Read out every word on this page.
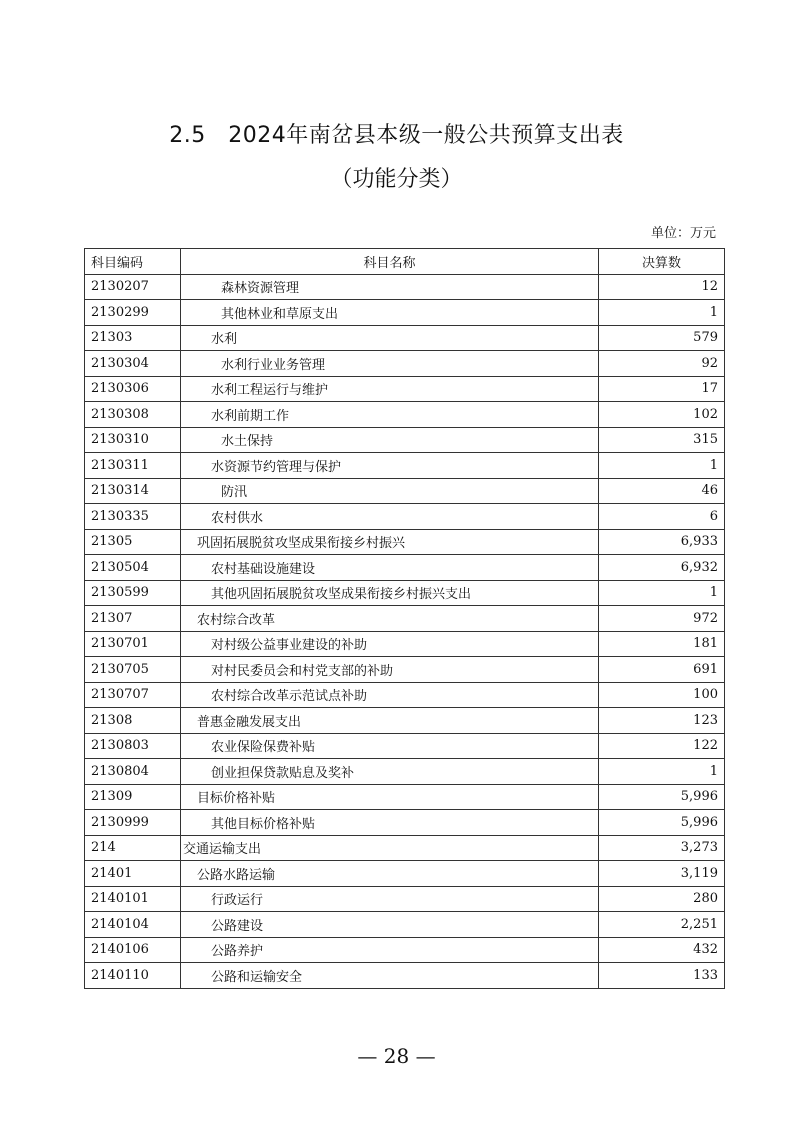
2.5　2024年南岔县本级一般公共预算支出表
（功能分类）
单位：万元
科目编码	科目名称	决算数
2130207	森林资源管理	12
2130299	其他林业和草原支出	1
21303	水利	579
2130304	水利行业业务管理	92
2130306	水利工程运行与维护	17
2130308	水利前期工作	102
2130310	水土保持	315
2130311	水资源节约管理与保护	1
2130314	防汛	46
2130335	农村供水	6
21305	巩固拓展脱贫攻坚成果衔接乡村振兴	6,933
2130504	农村基础设施建设	6,932
2130599	其他巩固拓展脱贫攻坚成果衔接乡村振兴支出	1
21307	农村综合改革	972
2130701	对村级公益事业建设的补助	181
2130705	对村民委员会和村党支部的补助	691
2130707	农村综合改革示范试点补助	100
21308	普惠金融发展支出	123
2130803	农业保险保费补贴	122
2130804	创业担保贷款贴息及奖补	1
21309	目标价格补贴	5,996
2130999	其他目标价格补贴	5,996
214	交通运输支出	3,273
21401	公路水路运输	3,119
2140101	行政运行	280
2140104	公路建设	2,251
2140106	公路养护	432
2140110	公路和运输安全	133
— 28 —
